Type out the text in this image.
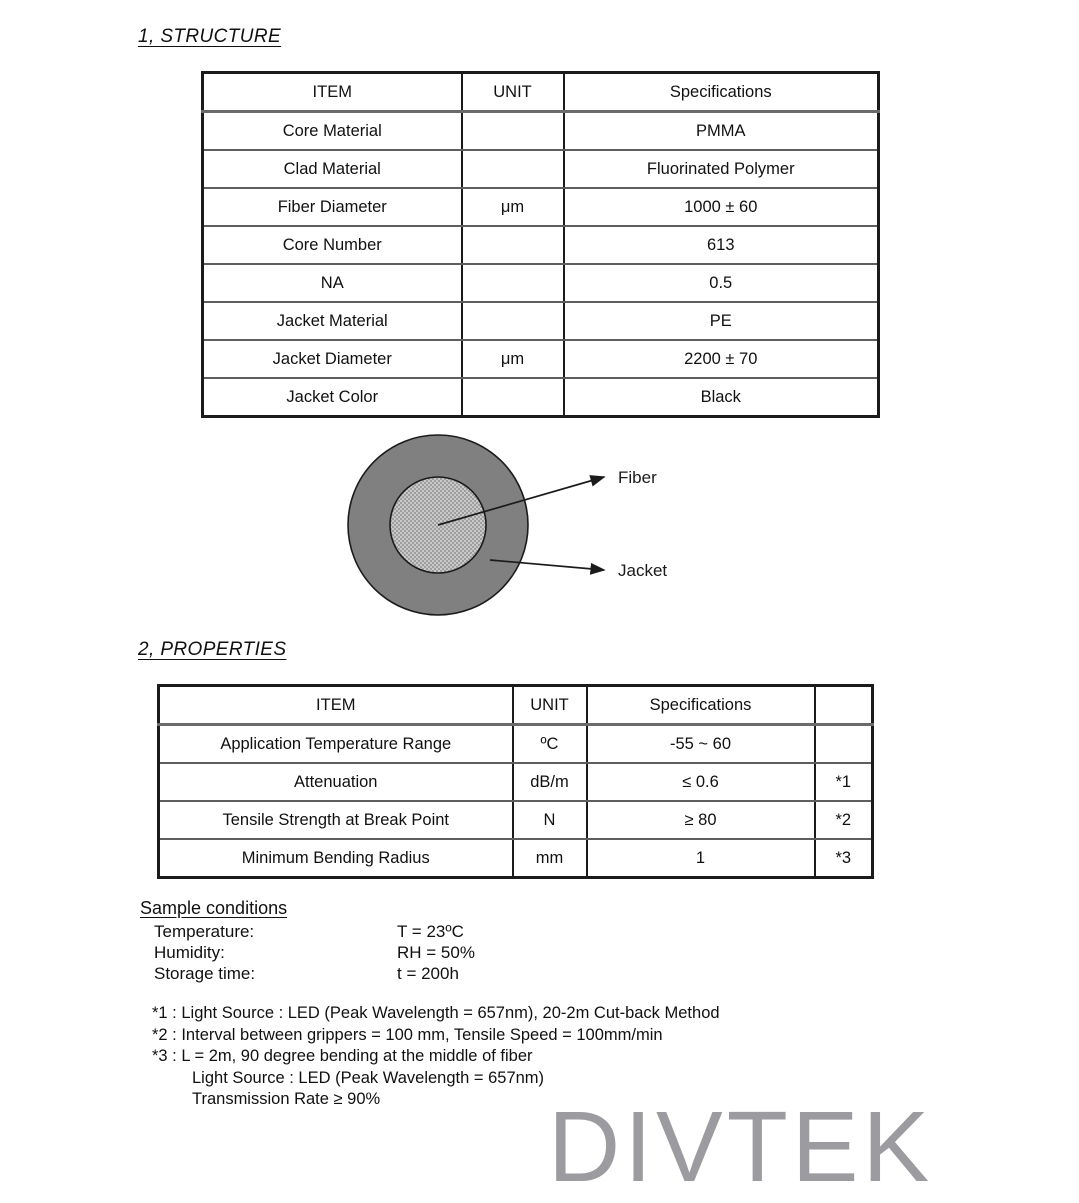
1, STRUCTURE
ITEM	UNIT	Specifications
Core Material		PMMA
Clad Material		Fluorinated Polymer
Fiber Diameter	μm	1000 ± 60
Core Number		613
NA		0.5
Jacket Material		PE
Jacket Diameter	μm	2200 ± 70
Jacket Color		Black
Fiber
Jacket
2, PROPERTIES
ITEM	UNIT	Specifications	
Application Temperature Range	ºC	-55 ~ 60	
Attenuation	dB/m	≤ 0.6	*1
Tensile Strength at Break Point	N	≥ 80	*2
Minimum Bending Radius	mm	1	*3
Sample conditions
Temperature:	T = 23ºC
Humidity:	RH = 50%
Storage time:	t = 200h
*1 : Light Source : LED (Peak Wavelength = 657nm), 20-2m Cut-back Method
*2 : Interval between grippers = 100 mm, Tensile Speed = 100mm/min
*3 : L = 2m, 90 degree bending at the middle of fiber
Light Source : LED (Peak Wavelength = 657nm)
Transmission Rate ≥ 90%	DIVTEK
